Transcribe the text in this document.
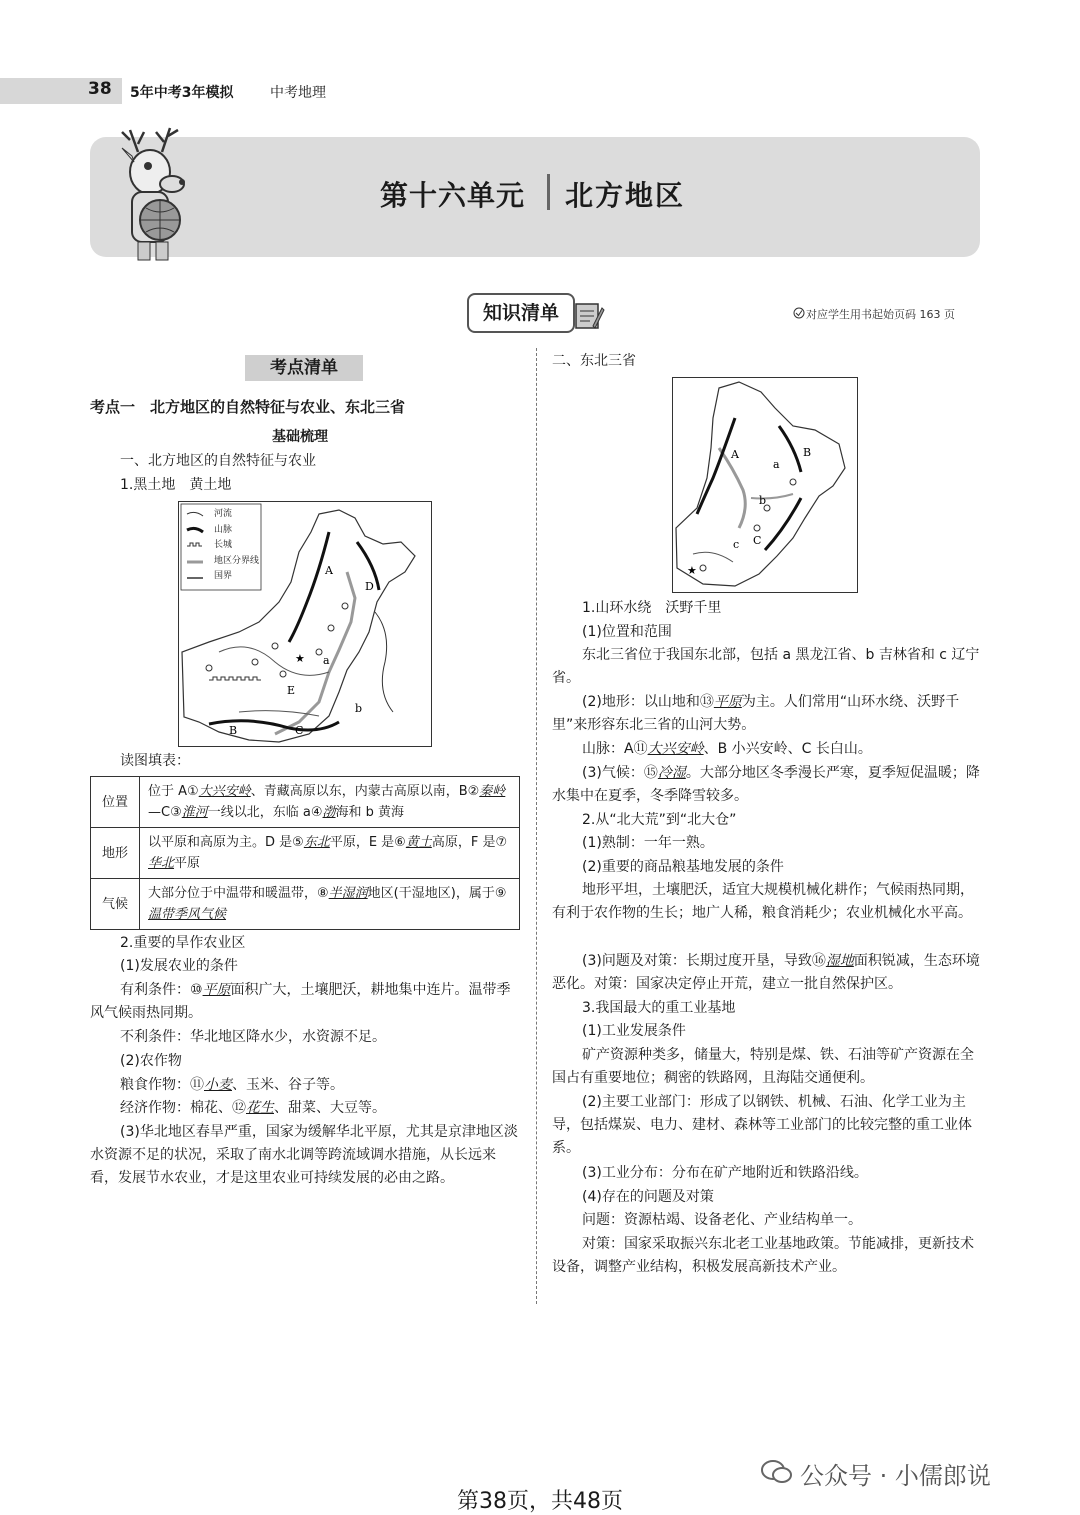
38 5年中考3年模拟	中考地理
第十六单元 北方地区
知识清单	对应学生用书起始页码 163 页
考点清单
考点一　北方地区的自然特征与农业、东北三省
基础梳理
一、北方地区的自然特征与农业
1.黑土地　黄土地
★
A
D
a
E
b
B	C
河流
山脉
长城
地区分界线
国界
读图填表：
位置	位于 A①大兴安岭、青藏高原以东，内蒙古高原以南，B②秦岭—C③淮河一线以北，东临 a④渤海和 b 黄海
地形	以平原和高原为主。D 是⑤东北平原，E 是⑥黄土高原，F 是⑦华北平原
气候	大部分位于中温带和暖温带，⑧半湿润地区(干湿地区)，属于⑨温带季风气候
2.重要的旱作农业区
(1)发展农业的条件
有利条件：⑩平原面积广大，土壤肥沃，耕地集中连片。温带季风气候雨热同期。
不利条件：华北地区降水少，水资源不足。
(2)农作物
粮食作物：⑪小麦、玉米、谷子等。
经济作物：棉花、⑫花生、甜菜、大豆等。
(3)华北地区春旱严重，国家为缓解华北平原，尤其是京津地区淡水资源不足的状况，采取了南水北调等跨流域调水措施，从长远来看，发展节水农业，才是这里农业可持续发展的必由之路。
二、东北三省
★
A
a
B
b
c C
1.山环水绕　沃野千里
(1)位置和范围
东北三省位于我国东北部，包括 a 黑龙江省、b 吉林省和 c 辽宁省。
(2)地形：以山地和⑬平原为主。人们常用“山环水绕、沃野千里”来形容东北三省的山河大势。
山脉：A⑪大兴安岭、B 小兴安岭、C 长白山。
(3)气候：⑮冷湿。大部分地区冬季漫长严寒，夏季短促温暖；降水集中在夏季，冬季降雪较多。
2.从“北大荒”到“北大仓”
(1)熟制：一年一熟。
(2)重要的商品粮基地发展的条件
地形平坦，土壤肥沃，适宜大规模机械化耕作；气候雨热同期，有利于农作物的生长；地广人稀，粮食消耗少；农业机械化水平高。
(3)问题及对策：长期过度开垦，导致⑯湿地面积锐减，生态环境恶化。对策：国家决定停止开荒，建立一批自然保护区。
3.我国最大的重工业基地
(1)工业发展条件
矿产资源种类多，储量大，特别是煤、铁、石油等矿产资源在全国占有重要地位；稠密的铁路网，且海陆交通便利。
(2)主要工业部门：形成了以钢铁、机械、石油、化学工业为主导，包括煤炭、电力、建材、森林等工业部门的比较完整的重工业体系。
(3)工业分布：分布在矿产地附近和铁路沿线。
(4)存在的问题及对策
问题：资源枯竭、设备老化、产业结构单一。
对策：国家采取振兴东北老工业基地政策。节能减排，更新技术设备，调整产业结构，积极发展高新技术产业。
公众号 · 小儒郎说
第38页，共48页
